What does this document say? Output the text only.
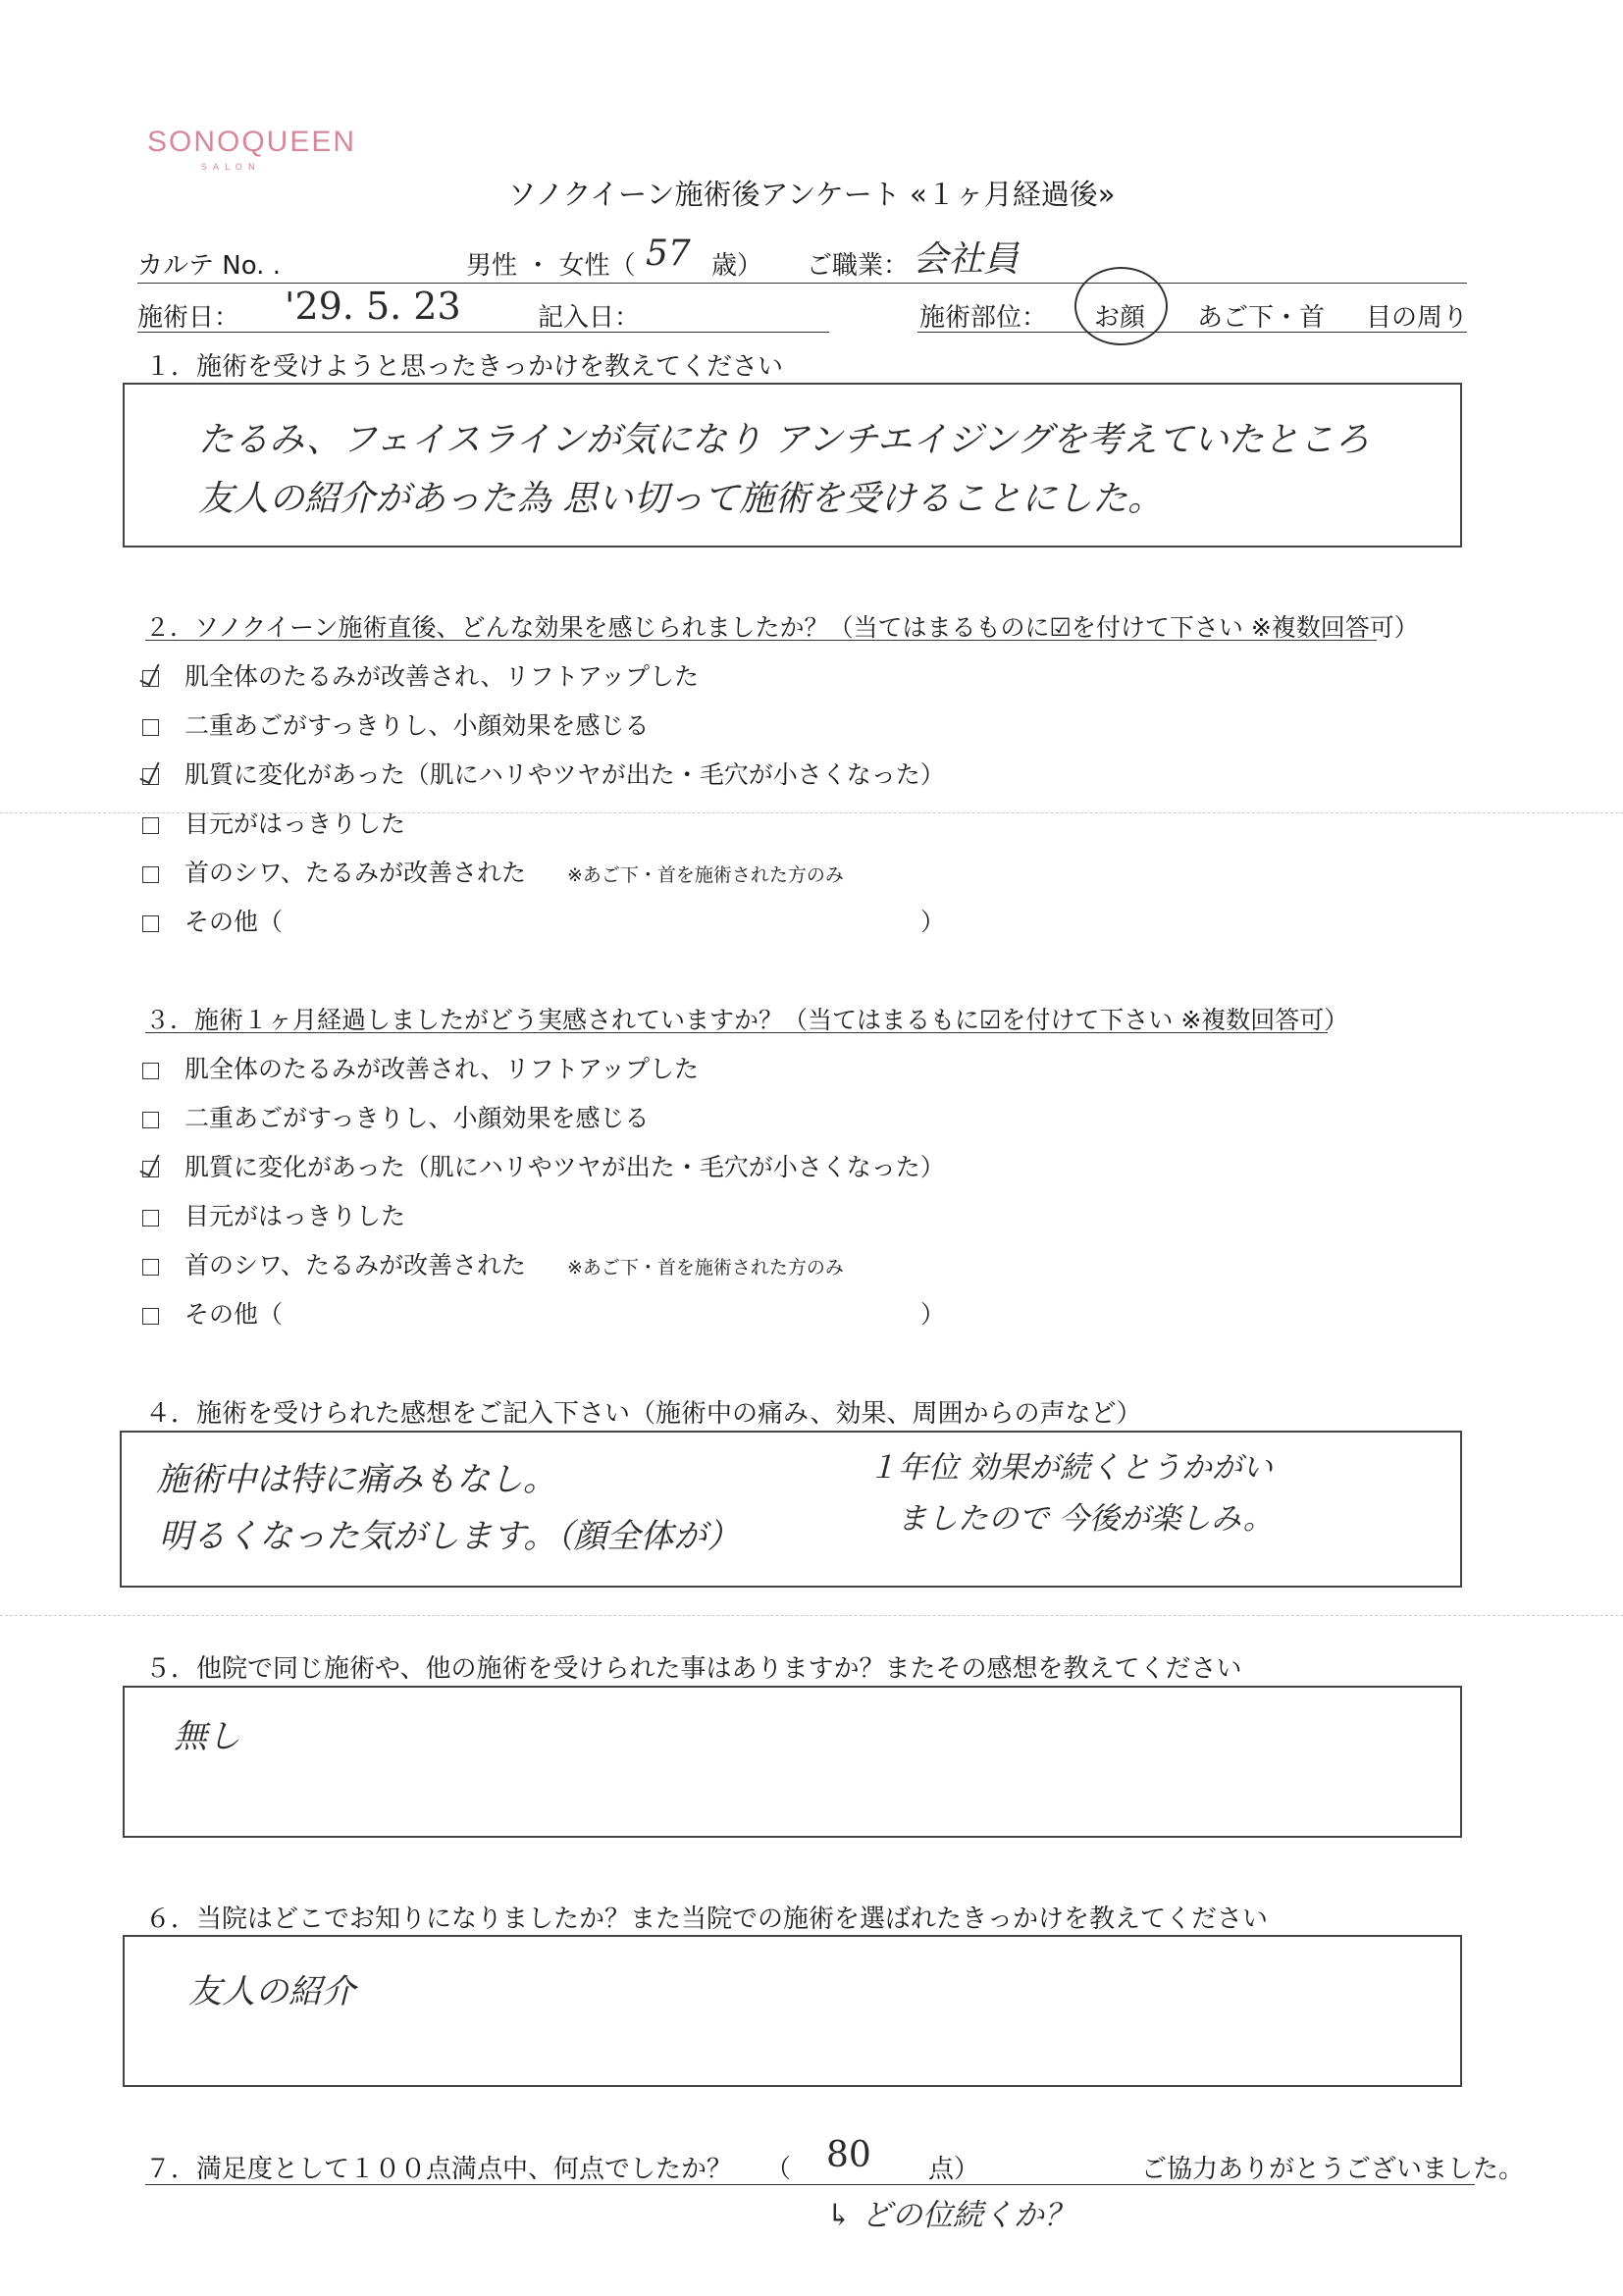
SONOQUEEN
SALON
ソノクイーン施術後アンケート «１ヶ月経過後»
カルテ No. .	男性 ・ 女性（ 57 歳） ご職業： 会社員
施術日： '29. 5. 23	記入日：	施術部位： お顔 あご下・首 目の周り
１．施術を受けようと思ったきっかけを教えてください
たるみ、フェイスラインが気になり アンチエイジングを考えていたところ
友人の紹介があった為 思い切って施術を受けることにした。
２．ソノクイーン施術直後、どんな効果を感じられましたか？（当てはまるものに☑を付けて下さい ※複数回答可）
肌全体のたるみが改善され、リフトアップした
二重あごがすっきりし、小顔効果を感じる
肌質に変化があった（肌にハリやツヤが出た・毛穴が小さくなった）
目元がはっきりした
首のシワ、たるみが改善された ※あご下・首を施術された方のみ
その他（	）
３．施術１ヶ月経過しましたがどう実感されていますか？（当てはまるもに☑を付けて下さい ※複数回答可）
肌全体のたるみが改善され、リフトアップした
二重あごがすっきりし、小顔効果を感じる
肌質に変化があった（肌にハリやツヤが出た・毛穴が小さくなった）
目元がはっきりした
首のシワ、たるみが改善された ※あご下・首を施術された方のみ
その他（	）
４．施術を受けられた感想をご記入下さい（施術中の痛み、効果、周囲からの声など）
施術中は特に痛みもなし。
明るくなった気がします。（顔全体が）
１年位 効果が続くとうかがい
ましたので 今後が楽しみ。
５．他院で同じ施術や、他の施術を受けられた事はありますか？またその感想を教えてください
無し
６．当院はどこでお知りになりましたか？また当院での施術を選ばれたきっかけを教えてください
友人の紹介
７．満足度として１００点満点中、何点でしたか？ （ 80 点）	ご協力ありがとうございました。
↳ どの位続くか？
